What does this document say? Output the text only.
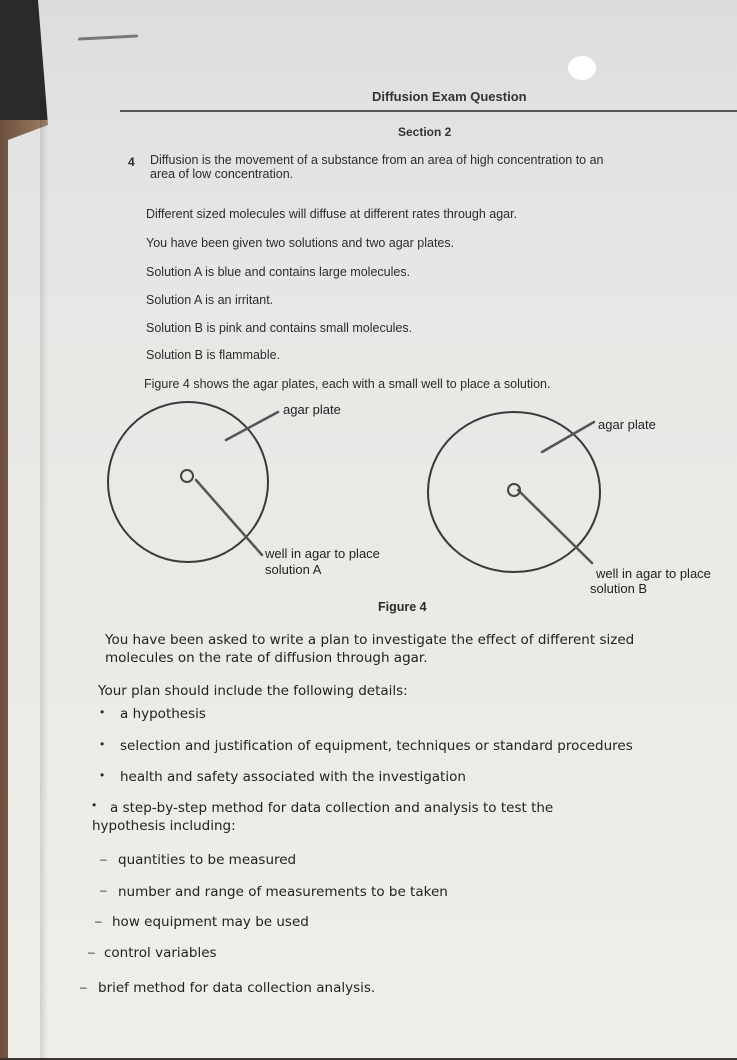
Diffusion Exam Question
Section 2
4 Diffusion is the movement of a substance from an area of high concentration to an
area of low concentration.
Different sized molecules will diffuse at different rates through agar.
You have been given two solutions and two agar plates.
Solution A is blue and contains large molecules.
Solution A is an irritant.
Solution B is pink and contains small molecules.
Solution B is flammable.
Figure 4 shows the agar plates, each with a small well to place a solution.
agar plate
well in agar to place
solution A
agar plate
well in agar to place
solution B
Figure 4
You have been asked to write a plan to investigate the effect of different sized
molecules on the rate of diffusion through agar.
Your plan should include the following details:
• a hypothesis
• selection and justification of equipment, techniques or standard procedures
• health and safety associated with the investigation
• a step-by-step method for data collection and analysis to test the
hypothesis including:
– quantities to be measured
– number and range of measurements to be taken
– how equipment may be used
– control variables
– brief method for data collection analysis.
